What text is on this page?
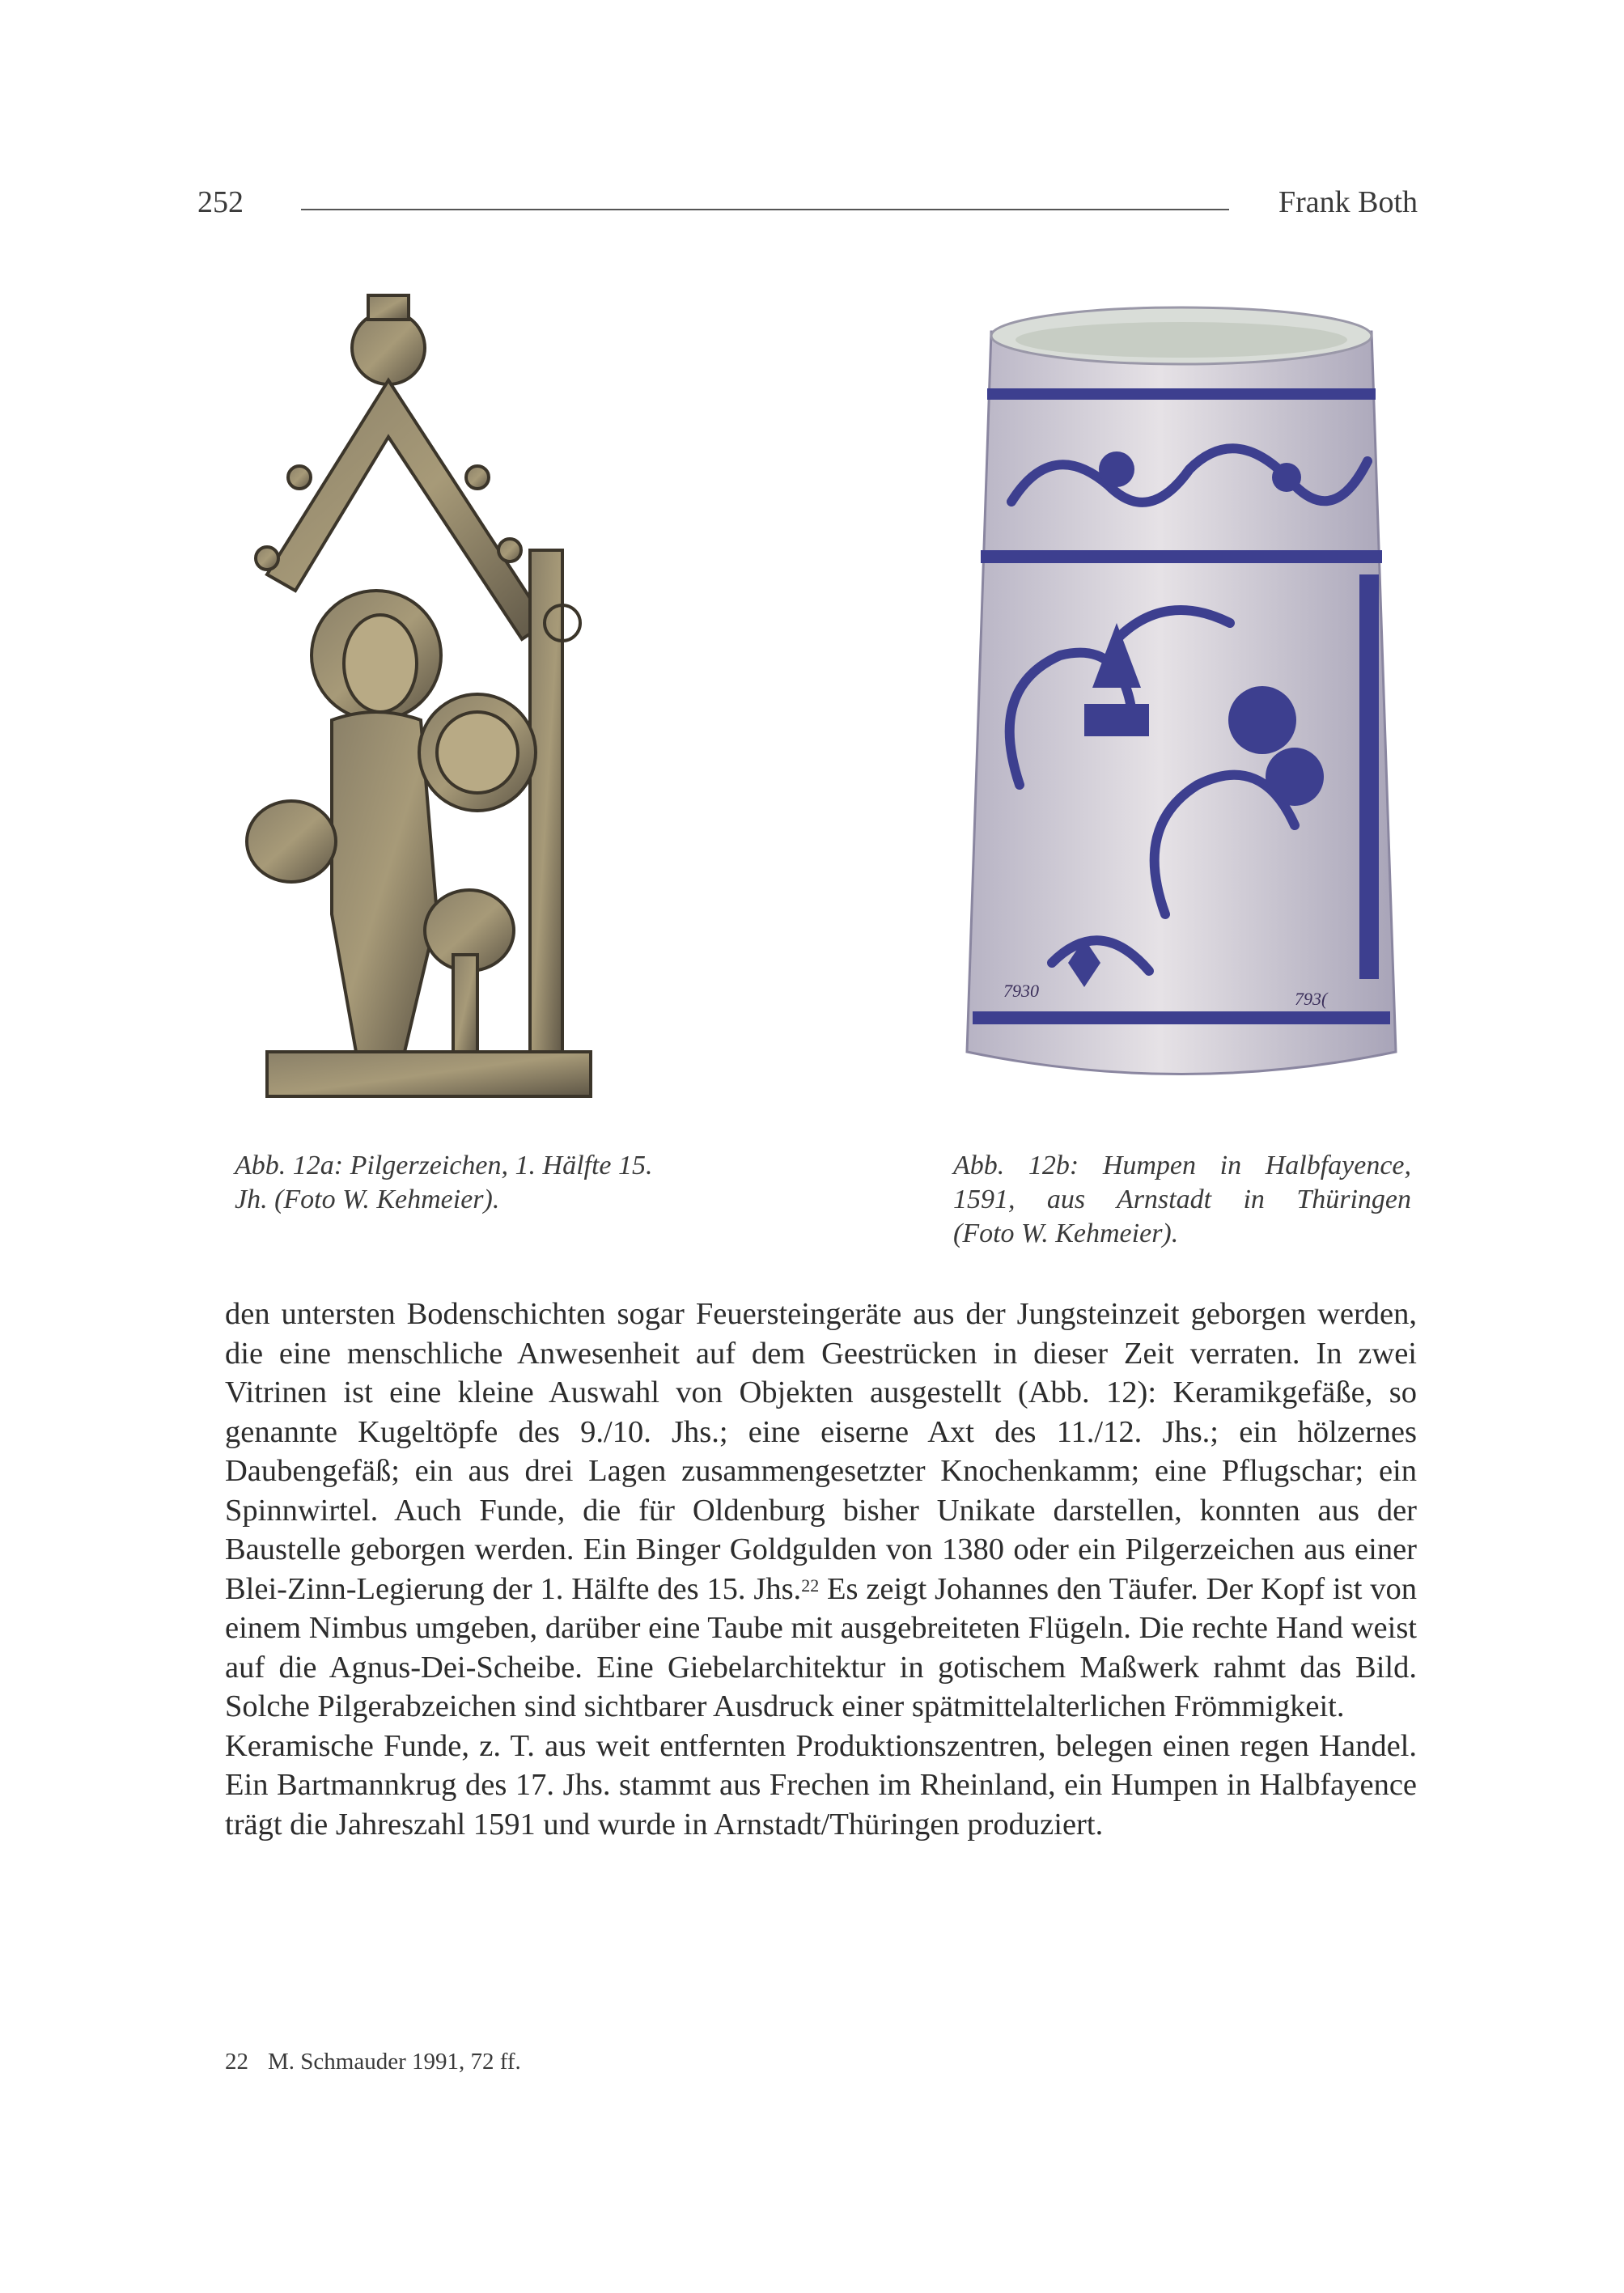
252	Frank Both
7930	793(
Abb. 12a: Pilgerzeichen, 1. Hälfte 15.
Jh. (Foto W. Kehmeier).
Abb. 12b: Humpen in Halbfayence,
1591, aus Arnstadt in Thüringen
(Foto W. Kehmeier).

den untersten Bodenschichten sogar Feuersteingeräte aus der Jungsteinzeit geborgen werden, die eine menschliche Anwesenheit auf dem Geestrücken in dieser Zeit verraten. In zwei Vitrinen ist eine kleine Auswahl von Objekten ausgestellt (Abb. 12): Keramikgefäße, so genannte Kugeltöpfe des 9./10. Jhs.; eine eiserne Axt des 11./12. Jhs.; ein hölzernes Daubengefäß; ein aus drei Lagen zusammengesetzter Knochenkamm; eine Pflugschar; ein Spinnwirtel. Auch Funde, die für Oldenburg bisher Unikate darstellen, konnten aus der Baustelle geborgen werden. Ein Binger Goldgulden von 1380 oder ein Pilgerzeichen aus einer Blei-Zinn-Legierung der 1. Hälfte des 15. Jhs.$^{22}$ Es zeigt Johannes den Täufer. Der Kopf ist von einem Nimbus umgeben, darüber eine Taube mit ausgebreiteten Flügeln. Die rechte Hand weist auf die Agnus-Dei-Scheibe. Eine Giebelarchitektur in gotischem Maßwerk rahmt das Bild. Solche Pilgerabzeichen sind sichtbarer Ausdruck einer spätmittelalterlichen Frömmigkeit.

Keramische Funde, z. T. aus weit entfernten Produktionszentren, belegen einen regen Handel. Ein Bartmannkrug des 17. Jhs. stammt aus Frechen im Rheinland, ein Humpen in Halbfayence trägt die Jahreszahl 1591 und wurde in Arnstadt/Thüringen produziert.

22 M. Schmauder 1991, 72 ff.
